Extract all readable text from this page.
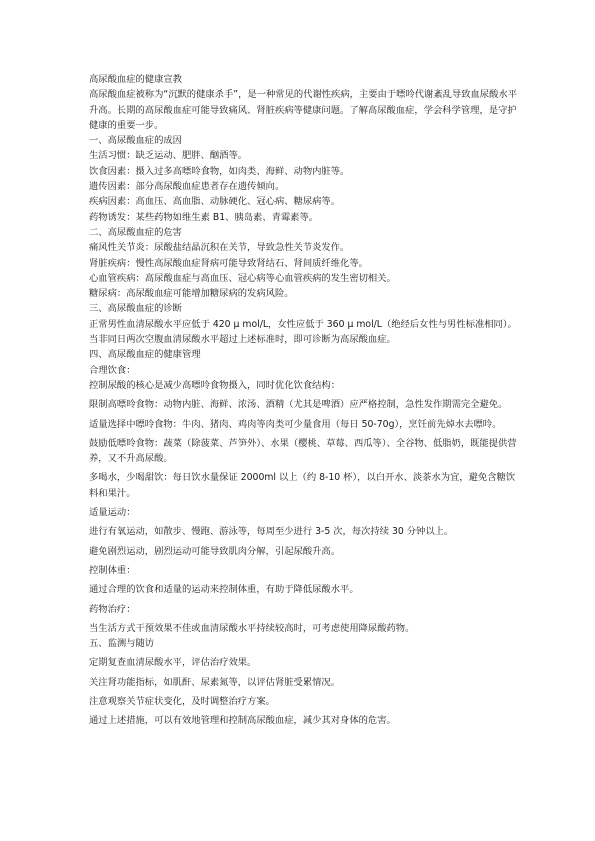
高尿酸血症的健康宣教

高尿酸血症被称为“沉默的健康杀手”，是一种常见的代谢性疾病，主要由于嘌呤代谢紊乱导致血尿酸水平升高。长期的高尿酸血症可能导致痛风、肾脏疾病等健康问题。了解高尿酸血症，学会科学管理，是守护健康的重要一步。

一、高尿酸血症的成因

生活习惯：缺乏运动、肥胖、酗酒等。

饮食因素：摄入过多高嘌呤食物，如肉类、海鲜、动物内脏等。

遗传因素：部分高尿酸血症患者存在遗传倾向。

疾病因素：高血压、高血脂、动脉硬化、冠心病、糖尿病等。

药物诱发：某些药物如维生素 B1、胰岛素、青霉素等。

二、高尿酸血症的危害

痛风性关节炎：尿酸盐结晶沉积在关节，导致急性关节炎发作。

肾脏疾病：慢性高尿酸血症肾病可能导致肾结石、肾间质纤维化等。

心血管疾病：高尿酸血症与高血压、冠心病等心血管疾病的发生密切相关。

糖尿病：高尿酸血症可能增加糖尿病的发病风险。

三、高尿酸血症的诊断

正常男性血清尿酸水平应低于 420 μ mol/L，女性应低于 360 μ mol/L（绝经后女性与男性标准相同）。当非同日两次空腹血清尿酸水平超过上述标准时，即可诊断为高尿酸血症。

四、高尿酸血症的健康管理

合理饮食：

控制尿酸的核心是减少高嘌呤食物摄入，同时优化饮食结构：

限制高嘌呤食物：动物内脏、海鲜、浓汤、酒精（尤其是啤酒）应严格控制，急性发作期需完全避免。

适量选择中嘌呤食物：牛肉、猪肉、鸡肉等肉类可少量食用（每日 50-70g），烹饪前先焯水去嘌呤。

鼓励低嘌呤食物：蔬菜（除菠菜、芦笋外）、水果（樱桃、草莓、西瓜等）、全谷物、低脂奶，既能提供营养，又不升高尿酸。

多喝水，少喝甜饮：每日饮水量保证 2000ml 以上（约 8-10 杯），以白开水、淡茶水为宜，避免含糖饮料和果汁。

适量运动：

进行有氧运动，如散步、慢跑、游泳等，每周至少进行 3-5 次，每次持续 30 分钟以上。

避免剧烈运动，剧烈运动可能导致肌肉分解，引起尿酸升高。

控制体重：

通过合理的饮食和适量的运动来控制体重，有助于降低尿酸水平。

药物治疗：

当生活方式干预效果不佳或血清尿酸水平持续较高时，可考虑使用降尿酸药物。

五、监测与随访

定期复查血清尿酸水平，评估治疗效果。

关注肾功能指标，如肌酐、尿素氮等，以评估肾脏受累情况。

注意观察关节症状变化，及时调整治疗方案。

通过上述措施，可以有效地管理和控制高尿酸血症，减少其对身体的危害。
